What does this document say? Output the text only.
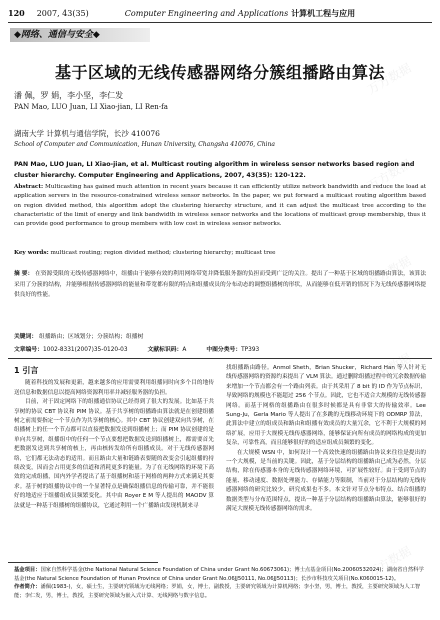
120 2007, 43(35)	Computer Engineering and Applications 计算机工程与应用
◆网络、通信与安全◆
基于区域的无线传感器网络分簇组播路由算法
潘 佩，罗 娟，李小坚，李仁发
PAN Mao, LUO Juan, LI Xiao-jian, LI Ren-fa
湖南大学 计算机与通信学院，长沙 410076
School of Computer and Communication, Hunan University, Changsha 410076, China
PAN Mao, LUO Juan, LI Xiao-jian, et al. Multicast routing algorithm in wireless sensor networks based region and cluster hierarchy. Computer Engineering and Applications, 2007, 43(35): 120-122.
Abstract: Multicasting has gained much attention in recent years because it can efficiently utilize network bandwidth and reduce the load at application servers in the resource-constrained wireless sensor networks. In the paper, we put forward a multicast routing algorithm based on region divided method, this algorithm adopt the clustering hierarchy structure, and it can adjust the multicast tree according to the characteristic of the limit of energy and link bandwidth in wireless sensor networks and the locations of multicast group membership, thus it can provide good performance to group members with low cost in wireless sensor networks.
Key words: multicast routing; region divided method; clustering hierarchy; multicast tree
摘 要： 在资源受限的无线传感器网络中，组播由于能够有效的利用网络带宽并降低服务器的负担而受到广泛的关注。提出了一种基于区域的组播路由算法，该算法采用了分簇的结构，并能够根据传感器网络的能量和带宽都有限的特点和组播成员的分布动态的调整组播树的形状，从而能够在低开销的情况下为无线传感器网络提供良好的性能。
关键词： 组播路由；区域划分；分簇结构；组播树
文章编号：1002-8331(2007)35-0120-03	文献标识码：A	中图分类号：TP393
1 引言

随着科技的发展和更新，越来越多的应用需要利用组播同时向多个目的地传送信息和数据信息以提高网络资源利用率并减轻服务器的负担。

目前，对于固定网络下的组播通信协议已经得到了很大的发展。比如基于共享树的协议 CBT 协议和 PIM 协议。基于共享树的组播路由算法就是在创建组播树之前需要指定一个节点作为共享树的核心。其中 CBT 协议创建双向共享树，在组播树上的任一个节点都可以直接把数据发送到组播树上；而 PIM 协议创建的是单向共享树，组播组中的任何一个节点要想把数据发送到组播树上，都需要首先把数据发送到共享树的核上，再由核转发给所有组播成员。对于无线传感器网络，它们都无法动态的适用。而且路由大量和链路表要随的改变会引起组播的持续改变，因而会占用更多的信道和消耗更多的能量。为了在无线网络的环境下高效的完成组播，国内外学者提出了基于组播树和基于网格的两种方式来满足其要求。基于树的组播协议中的一个显著特点是确保组播信息的传输可靠，并不能很好的地适应于组播组成员频繁变化。其中由 Royer E M 等人提出的 MAODV 算法就是一种基于组播树的组播协议，它通过利用一个广播路由发现机制来寻

找组播路由路径。Anmol Sheth，Brian Shucker，Richard Han 等人针对无线传感器网络的资源约束提出了 VLM 算法。通过删除组播过程中的冗余数据传输来增加一个节点都会有一个路由列表。由于其采用了 8 bit 的 ID 作为节点标识，导致网络的规模也不能超过 256 个节点。因此，它也不适合大规模的无线传感器网络。而基于网格的组播路由在很多时候都是具有非常大的传输效率。Lee Sung-Ju，Gerla Mario 等人提出了在多跳的无线移动环境下的 ODMRP 算法，此算法中建立的组成员和路由和组播有效成员的大量冗余，它不利于大规模的网络扩展，应用于大规模无线传感器网络，能够保证向所有成员的网络构成的更加复杂，可靠性高，而且能够很好的的适应组成员频繁的变化。

在大规模 WSN 中，如何设计一个高效快速的组播路由协议来往往是提出的一个大规模，是当前的关键。因此，基于分层结构的组播路由已成为必然，分层结构，除在传感器本身的无线传感器网络环境，可扩展性较好。由于受到节点的能量、移动速度、数据处理能力、存储能力等限制，当前对于分层结构的无线传感器网络的研究比较少，研究成果也不多。本文针对节点分布特点、结合组播的数据类型与分布范围特点，提出一种基于分层结构的组播路由算法，能够很好的满足大规模无线传感器网络的需求。

基金项目：国家自然科学基金(the National Natural Science Foundation of China under Grant No.60673061)；博士点基金项目(No.20060532024)；湖南省自然科学基金(the Natural Science Foundation of Hunan Province of China under Grant No.06JJ50111, No.06JJ50113)；长沙市科技攻关项目(No.K060015-12)。
作者简介：潘佩(1983-)，女，硕士生，主要研究领域为无线网络；罗娟，女，博士，副教授，主要研究领域为计算机网络；李小坚，男，博士，教授，主要研究领域为人工智能；李仁发，男，博士，教授，主要研究领域为嵌入式计算、无线网络与数字信息。
万方数据
万方数据
万方数据
万方数据
万方数据
万方数据
